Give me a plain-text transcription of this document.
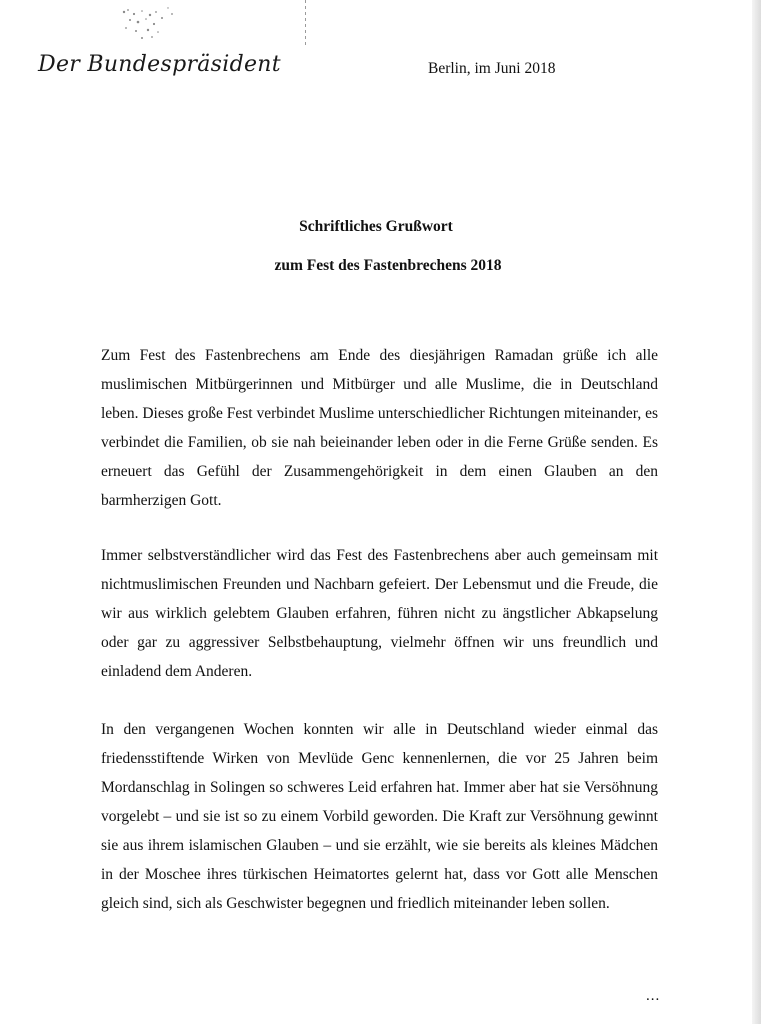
Der Bundespräsident	Berlin, im Juni 2018
Schriftliches Grußwort
zum Fest des Fastenbrechens 2018

Zum Fest des Fastenbrechens am Ende des diesjährigen Ramadan grüße ich alle muslimischen Mitbürgerinnen und Mitbürger und alle Muslime, die in Deutschland leben. Dieses große Fest verbindet Muslime unterschiedlicher Richtungen miteinander, es verbindet die Familien, ob sie nah beieinander leben oder in die Ferne Grüße senden. Es erneuert das Gefühl der Zusammengehörigkeit in dem einen Glauben an den barmherzigen Gott.

Immer selbstverständlicher wird das Fest des Fastenbrechens aber auch gemeinsam mit nichtmuslimischen Freunden und Nachbarn gefeiert. Der Lebensmut und die Freude, die wir aus wirklich gelebtem Glauben erfahren, führen nicht zu ängstlicher Abkapselung oder gar zu aggressiver Selbstbehauptung, vielmehr öffnen wir uns freundlich und einladend dem Anderen.

In den vergangenen Wochen konnten wir alle in Deutschland wieder einmal das friedensstiftende Wirken von Mevlüde Genc kennenlernen, die vor 25 Jahren beim Mordanschlag in Solingen so schweres Leid erfahren hat. Immer aber hat sie Versöhnung vorgelebt – und sie ist so zu einem Vorbild geworden. Die Kraft zur Versöhnung gewinnt sie aus ihrem islamischen Glauben – und sie erzählt, wie sie bereits als kleines Mädchen in der Moschee ihres türkischen Heimatortes gelernt hat, dass vor Gott alle Menschen gleich sind, sich als Geschwister begegnen und friedlich miteinander leben sollen.

...
